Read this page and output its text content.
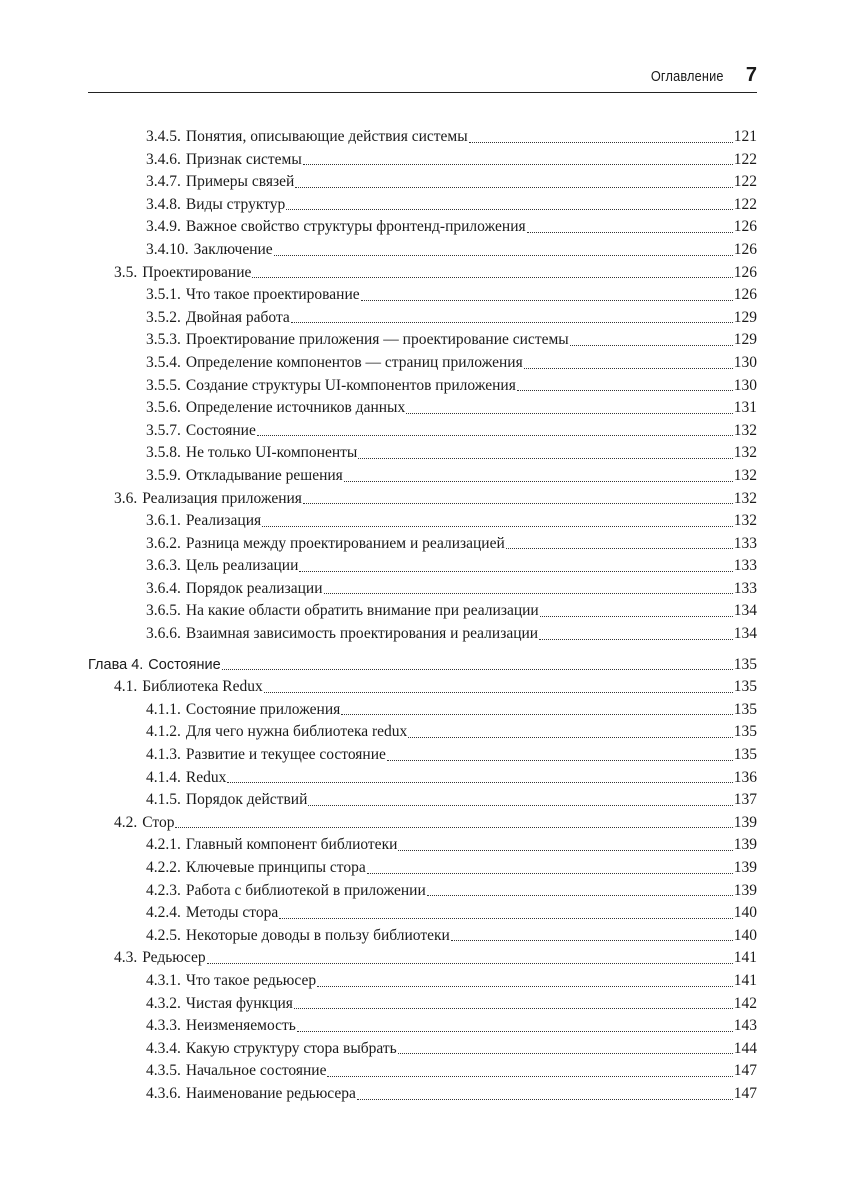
Оглавление 7
3.4.5. Понятия, описывающие действия системы	121
3.4.6. Признак системы	122
3.4.7. Примеры связей	122
3.4.8. Виды структур	122
3.4.9. Важное свойство структуры фронтенд-приложения	126
3.4.10. Заключение	126
3.5. Проектирование	126
3.5.1. Что такое проектирование	126
3.5.2. Двойная работа	129
3.5.3. Проектирование приложения — проектирование системы	129
3.5.4. Определение компонентов — страниц приложения	130
3.5.5. Создание структуры UI-компонентов приложения	130
3.5.6. Определение источников данных	131
3.5.7. Состояние	132
3.5.8. Не только UI-компоненты	132
3.5.9. Откладывание решения	132
3.6. Реализация приложения	132
3.6.1. Реализация	132
3.6.2. Разница между проектированием и реализацией	133
3.6.3. Цель реализации	133
3.6.4. Порядок реализации	133
3.6.5. На какие области обратить внимание при реализации	134
3.6.6. Взаимная зависимость проектирования и реализации	134
Глава 4. Состояние	135
4.1. Библиотека Redux	135
4.1.1. Состояние приложения	135
4.1.2. Для чего нужна библиотека redux	135
4.1.3. Развитие и текущее состояние	135
4.1.4. Redux	136
4.1.5. Порядок действий	137
4.2. Стор	139
4.2.1. Главный компонент библиотеки	139
4.2.2. Ключевые принципы стора	139
4.2.3. Работа с библиотекой в приложении	139
4.2.4. Методы стора	140
4.2.5. Некоторые доводы в пользу библиотеки	140
4.3. Редьюсер	141
4.3.1. Что такое редьюсер	141
4.3.2. Чистая функция	142
4.3.3. Неизменяемость	143
4.3.4. Какую структуру стора выбрать	144
4.3.5. Начальное состояние	147
4.3.6. Наименование редьюсера	147
